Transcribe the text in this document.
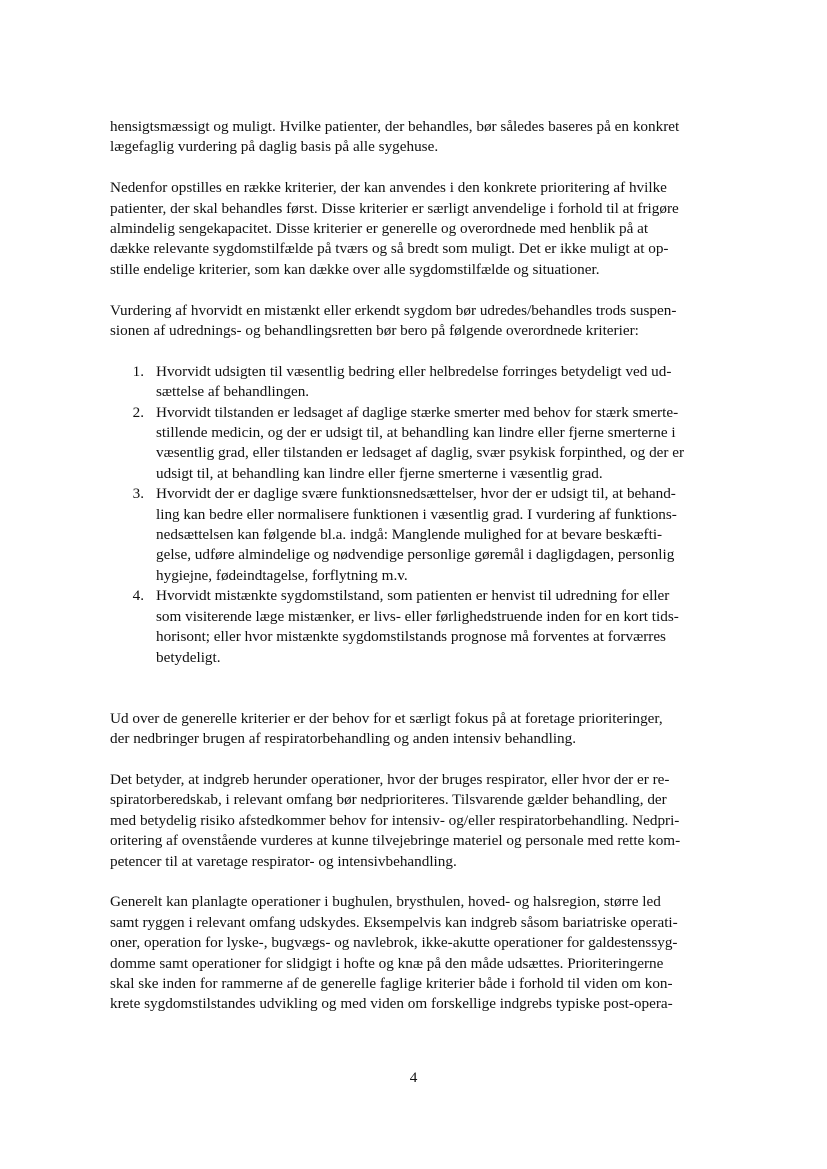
hensigtsmæssigt og muligt. Hvilke patienter, der behandles, bør således baseres på en konkret
lægefaglig vurdering på daglig basis på alle sygehuse.
Nedenfor opstilles en række kriterier, der kan anvendes i den konkrete prioritering af hvilke
patienter, der skal behandles først. Disse kriterier er særligt anvendelige i forhold til at frigøre
almindelig sengekapacitet. Disse kriterier er generelle og overordnede med henblik på at
dække relevante sygdomstilfælde på tværs og så bredt som muligt. Det er ikke muligt at op-
stille endelige kriterier, som kan dække over alle sygdomstilfælde og situationer.
Vurdering af hvorvidt en mistænkt eller erkendt sygdom bør udredes/behandles trods suspen-
sionen af udrednings- og behandlingsretten bør bero på følgende overordnede kriterier:
1. Hvorvidt udsigten til væsentlig bedring eller helbredelse forringes betydeligt ved ud-
sættelse af behandlingen.
2. Hvorvidt tilstanden er ledsaget af daglige stærke smerter med behov for stærk smerte-
stillende medicin, og der er udsigt til, at behandling kan lindre eller fjerne smerterne i
væsentlig grad, eller tilstanden er ledsaget af daglig, svær psykisk forpinthed, og der er
udsigt til, at behandling kan lindre eller fjerne smerterne i væsentlig grad.
3. Hvorvidt der er daglige svære funktionsnedsættelser, hvor der er udsigt til, at behand-
ling kan bedre eller normalisere funktionen i væsentlig grad. I vurdering af funktions-
nedsættelsen kan følgende bl.a. indgå: Manglende mulighed for at bevare beskæfti-
gelse, udføre almindelige og nødvendige personlige gøremål i dagligdagen, personlig
hygiejne, fødeindtagelse, forflytning m.v.
4. Hvorvidt mistænkte sygdomstilstand, som patienten er henvist til udredning for eller
som visiterende læge mistænker, er livs- eller førlighedstruende inden for en kort tids-
horisont; eller hvor mistænkte sygdomstilstands prognose må forventes at forværres
betydeligt.
Ud over de generelle kriterier er der behov for et særligt fokus på at foretage prioriteringer,
der nedbringer brugen af respiratorbehandling og anden intensiv behandling.
Det betyder, at indgreb herunder operationer, hvor der bruges respirator, eller hvor der er re-
spiratorberedskab, i relevant omfang bør nedprioriteres. Tilsvarende gælder behandling, der
med betydelig risiko afstedkommer behov for intensiv- og/eller respiratorbehandling. Nedpri-
oritering af ovenstående vurderes at kunne tilvejebringe materiel og personale med rette kom-
petencer til at varetage respirator- og intensivbehandling.
Generelt kan planlagte operationer i bughulen, brysthulen, hoved- og halsregion, større led
samt ryggen i relevant omfang udskydes. Eksempelvis kan indgreb såsom bariatriske operati-
oner, operation for lyske-, bugvægs- og navlebrok, ikke-akutte operationer for galdestenssyg-
domme samt operationer for slidgigt i hofte og knæ på den måde udsættes. Prioriteringerne
skal ske inden for rammerne af de generelle faglige kriterier både i forhold til viden om kon-
krete sygdomstilstandes udvikling og med viden om forskellige indgrebs typiske post-opera-
4
